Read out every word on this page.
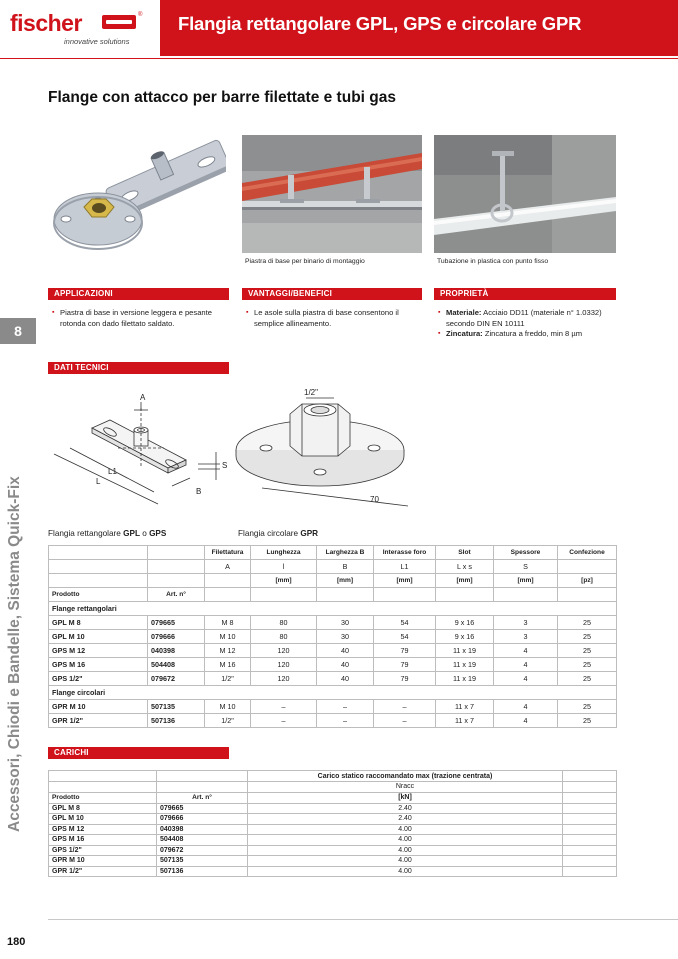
fischer	®
innovative solutions
Flangia rettangolare GPL, GPS e circolare GPR
Flange con attacco per barre filettate e tubi gas
Piastra di base per binario di montaggio	Tubazione in plastica con punto fisso
8
Accessori, Chiodi e Bandelle, Sistema Quick-Fix
APPLICAZIONI
▪ Piastra di base in versione leggera e pesante rotonda con dado filettato saldato.
VANTAGGI/BENEFICI
▪ Le asole sulla piastra di base consentono il semplice allineamento.
PROPRIETÀ
▪ Materiale: Acciaio DD11 (materiale n° 1.0332) secondo DIN EN 10111
▪ Zincatura: Zincatura a freddo, min 8 µm
DATI TECNICI
A
L1
L
S
B
1/2"
70
Flangia rettangolare GPL o GPS	Flangia circolare GPR
		Filettatura	Lunghezza	Larghezza B	Interasse foro	Slot	Spessore	Confezione
		A	l	B	L1	L x s	S	
			[mm]	[mm]	[mm]	[mm]	[mm]	[pz]
Prodotto	Art. n°							
Flange rettangolari								
GPL M 8	079665	M 8	80	30	54	9 x 16	3	25
GPL M 10	079666	M 10	80	30	54	9 x 16	3	25
GPS M 12	040398	M 12	120	40	79	11 x 19	4	25
GPS M 16	504408	M 16	120	40	79	11 x 19	4	25
GPS 1/2"	079672	1/2"	120	40	79	11 x 19	4	25
Flange circolari								
GPR M 10	507135	M 10	–	–	–	11 x 7	4	25
GPR 1/2"	507136	1/2"	–	–	–	11 x 7	4	25
CARICHI
		Carico statico raccomandato max (trazione centrata)	
		Nracc	
Prodotto	Art. n°	[kN]	
GPL M 8	079665	2.40	
GPL M 10	079666	2.40	
GPS M 12	040398	4.00	
GPS M 16	504408	4.00	
GPS 1/2"	079672	4.00	
GPR M 10	507135	4.00	
GPR 1/2"	507136	4.00	
180
